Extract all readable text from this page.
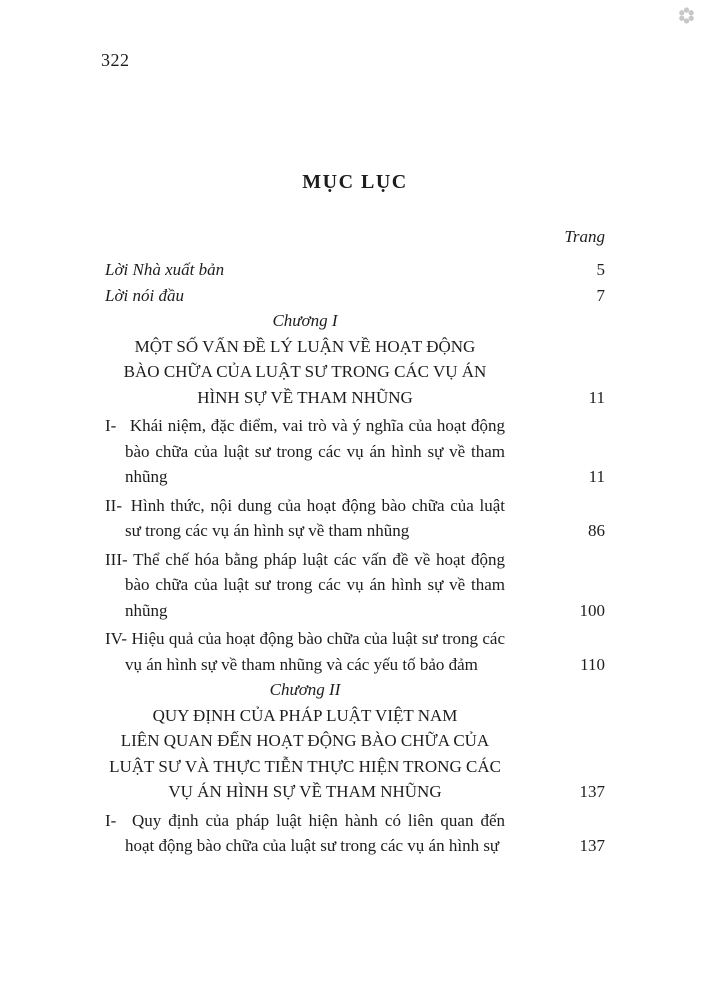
322
MỤC LỤC
Trang
Lời Nhà xuất bản	5
Lời nói đầu	7
Chương I
MỘT SỐ VẤN ĐỀ LÝ LUẬN VỀ HOẠT ĐỘNG
BÀO CHỮA CỦA LUẬT SƯ TRONG CÁC VỤ ÁN
HÌNH SỰ VỀ THAM NHŨNG	11
I- Khái niệm, đặc điểm, vai trò và ý nghĩa của hoạt động bào chữa của luật sư trong các vụ án hình sự về tham nhũng	11
II- Hình thức, nội dung của hoạt động bào chữa của luật sư trong các vụ án hình sự về tham nhũng	86
III- Thể chế hóa bằng pháp luật các vấn đề về hoạt động bào chữa của luật sư trong các vụ án hình sự về tham nhũng	100
IV- Hiệu quả của hoạt động bào chữa của luật sư trong các vụ án hình sự về tham nhũng và các yếu tố bảo đảm	110
Chương II
QUY ĐỊNH CỦA PHÁP LUẬT VIỆT NAM
LIÊN QUAN ĐẾN HOẠT ĐỘNG BÀO CHỮA CỦA
LUẬT SƯ VÀ THỰC TIỄN THỰC HIỆN TRONG CÁC
VỤ ÁN HÌNH SỰ VỀ THAM NHŨNG	137
I- Quy định của pháp luật hiện hành có liên quan đến hoạt động bào chữa của luật sư trong các vụ án hình sự	137
